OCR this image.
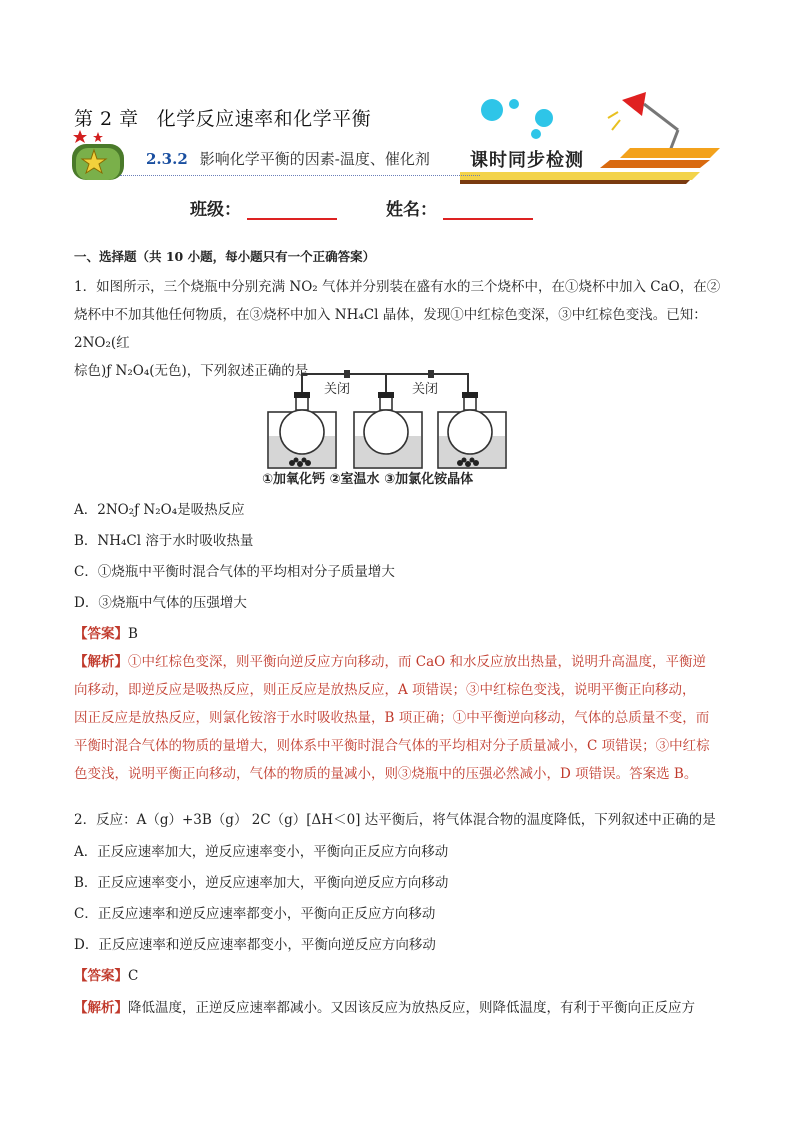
第 2 章 化学反应速率和化学平衡
2.3.2 影响化学平衡的因素-温度、催化剂 课时同步检测
班级：	姓名：
一、选择题（共 10 小题，每小题只有一个正确答案）
1．如图所示，三个烧瓶中分别充满 NO₂ 气体并分别装在盛有水的三个烧杯中，在①烧杯中加入 CaO，在②
烧杯中不加其他任何物质，在③烧杯中加入 NH₄Cl 晶体，发现①中红棕色变深，③中红棕色变浅。已知：2NO₂(红
棕色)ƒ N₂O₄(无色)，下列叙述正确的是
关闭	关闭
①加氧化钙 ②室温水 ③加氯化铵晶体
A．2NO₂ƒ N₂O₄是吸热反应
B．NH₄Cl 溶于水时吸收热量
C．①烧瓶中平衡时混合气体的平均相对分子质量增大
D．③烧瓶中气体的压强增大
【答案】B
【解析】①中红棕色变深，则平衡向逆反应方向移动，而 CaO 和水反应放出热量，说明升高温度，平衡逆
向移动，即逆反应是吸热反应，则正反应是放热反应，A 项错误；③中红棕色变浅，说明平衡正向移动，
因正反应是放热反应，则氯化铵溶于水时吸收热量，B 项正确；①中平衡逆向移动，气体的总质量不变，而
平衡时混合气体的物质的量增大，则体系中平衡时混合气体的平均相对分子质量减小，C 项错误；③中红棕
色变浅，说明平衡正向移动，气体的物质的量减小，则③烧瓶中的压强必然减小，D 项错误。答案选 B。
2．反应：A（g）+3B（g） 2C（g）[ΔH＜0] 达平衡后，将气体混合物的温度降低，下列叙述中正确的是
A．正反应速率加大，逆反应速率变小，平衡向正反应方向移动
B．正反应速率变小，逆反应速率加大，平衡向逆反应方向移动
C．正反应速率和逆反应速率都变小，平衡向正反应方向移动
D．正反应速率和逆反应速率都变小，平衡向逆反应方向移动
【答案】C
【解析】降低温度，正逆反应速率都减小。又因该反应为放热反应，则降低温度，有利于平衡向正反应方
